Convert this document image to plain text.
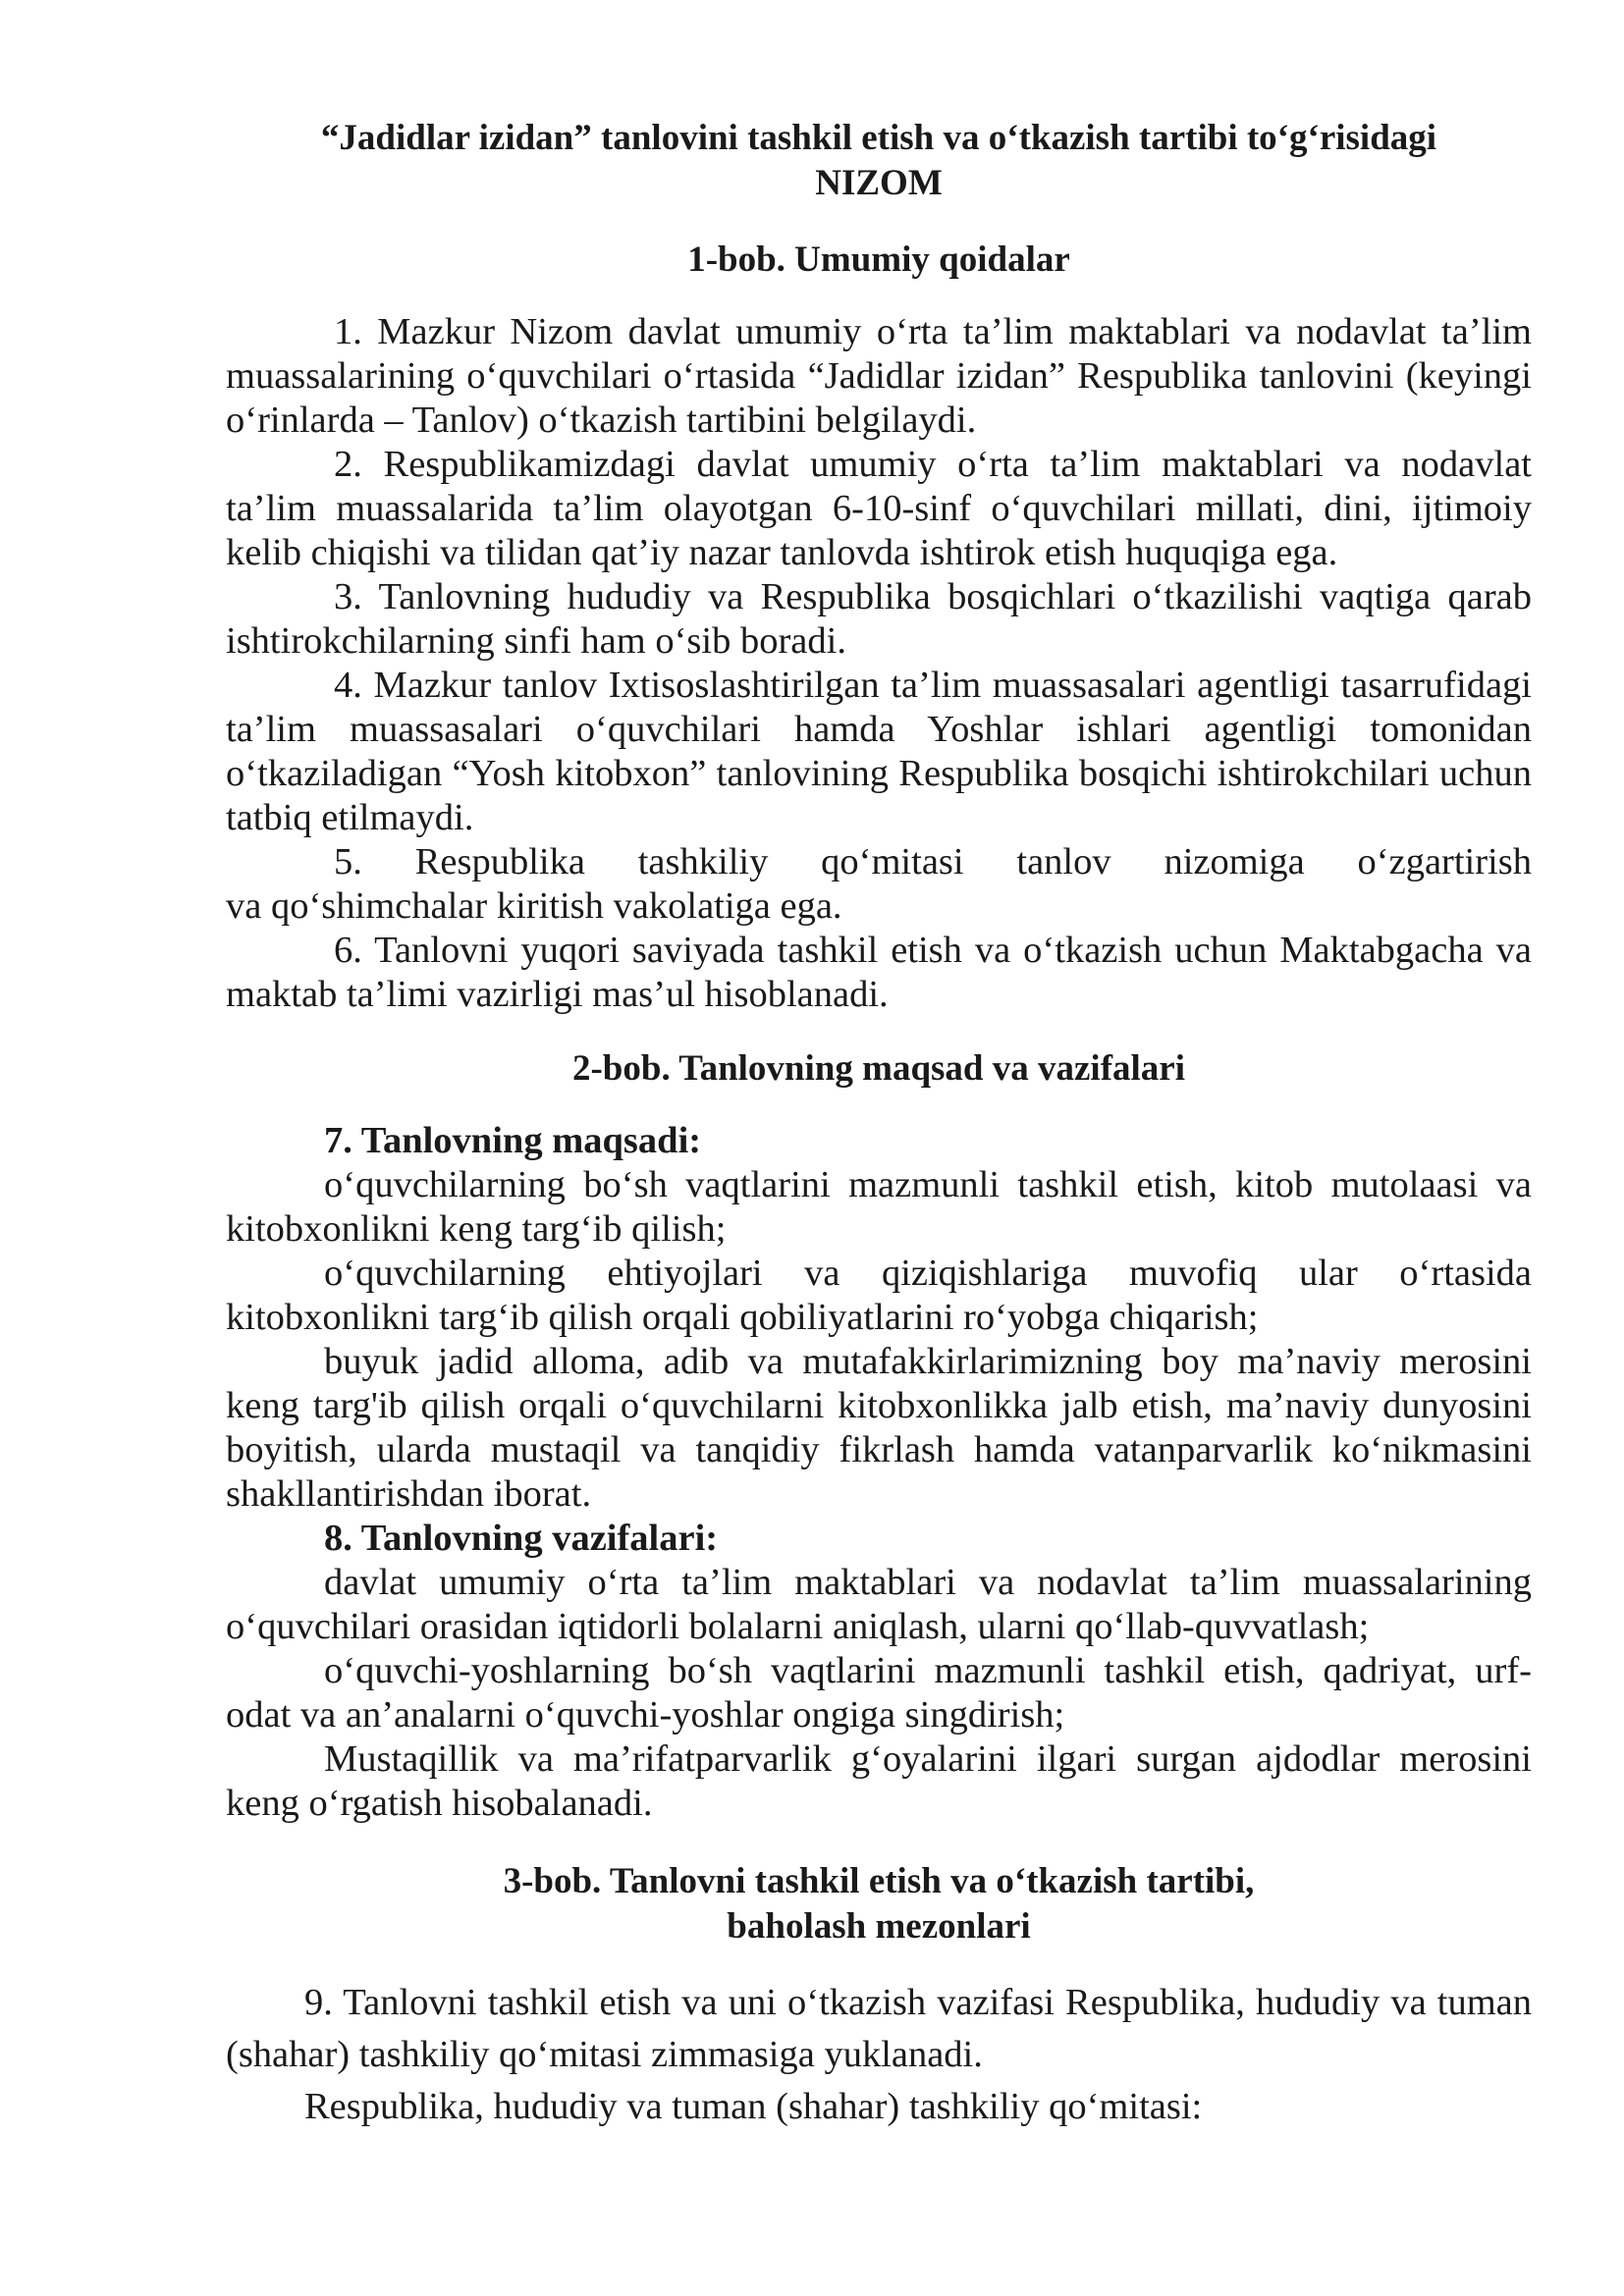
“Jadidlar izidan” tanlovini tashkil etish va o‘tkazish tartibi to‘g‘risidagi

NIZOM

1-bob. Umumiy qoidalar

1. Mazkur Nizom davlat umumiy o‘rta ta’lim maktablari va nodavlat ta’lim muassalarining o‘quvchilari o‘rtasida “Jadidlar izidan” Respublika tanlovini (keyingi o‘rinlarda – Tanlov) o‘tkazish tartibini belgilaydi.

2. Respublikamizdagi davlat umumiy o‘rta ta’lim maktablari va nodavlat ta’lim muassalarida ta’lim olayotgan 6-10-sinf o‘quvchilari millati, dini, ijtimoiy kelib chiqishi va tilidan qat’iy nazar tanlovda ishtirok etish huquqiga ega.

3. Tanlovning hududiy va Respublika bosqichlari o‘tkazilishi vaqtiga qarab ishtirokchilarning sinfi ham o‘sib boradi.

4. Mazkur tanlov Ixtisoslashtirilgan ta’lim muassasalari agentligi tasarrufidagi ta’lim muassasalari o‘quvchilari hamda Yoshlar ishlari agentligi tomonidan o‘tkaziladigan “Yosh kitobxon” tanlovining Respublika bosqichi ishtirokchilari uchun tatbiq etilmaydi.

5. Respublika tashkiliy qo‘mitasi tanlov nizomiga o‘zgartirish

va qo‘shimchalar kiritish vakolatiga ega.

6. Tanlovni yuqori saviyada tashkil etish va o‘tkazish uchun Maktabgacha va maktab ta’limi vazirligi mas’ul hisoblanadi.

2-bob. Tanlovning maqsad va vazifalari

7. Tanlovning maqsadi:

o‘quvchilarning bo‘sh vaqtlarini mazmunli tashkil etish, kitob mutolaasi va kitobxonlikni keng targ‘ib qilish;

o‘quvchilarning ehtiyojlari va qiziqishlariga muvofiq ular o‘rtasida kitobxonlikni targ‘ib qilish orqali qobiliyatlarini ro‘yobga chiqarish;

buyuk jadid alloma, adib va mutafakkirlarimizning boy ma’naviy merosini keng targ'ib qilish orqali o‘quvchilarni kitobxonlikka jalb etish, ma’naviy dunyosini boyitish, ularda mustaqil va tanqidiy fikrlash hamda vatanparvarlik ko‘nikmasini shakllantirishdan iborat.

8. Tanlovning vazifalari:

davlat umumiy o‘rta ta’lim maktablari va nodavlat ta’lim muassalarining o‘quvchilari orasidan iqtidorli bolalarni aniqlash, ularni qo‘llab-quvvatlash;

o‘quvchi-yoshlarning bo‘sh vaqtlarini mazmunli tashkil etish, qadriyat, urf-odat va an’analarni o‘quvchi-yoshlar ongiga singdirish;

Mustaqillik va ma’rifatparvarlik g‘oyalarini ilgari surgan ajdodlar merosini keng o‘rgatish hisobalanadi.

3-bob. Tanlovni tashkil etish va o‘tkazish tartibi,

baholash mezonlari

9. Tanlovni tashkil etish va uni o‘tkazish vazifasi Respublika, hududiy va tuman (shahar) tashkiliy qo‘mitasi zimmasiga yuklanadi.

Respublika, hududiy va tuman (shahar) tashkiliy qo‘mitasi:
